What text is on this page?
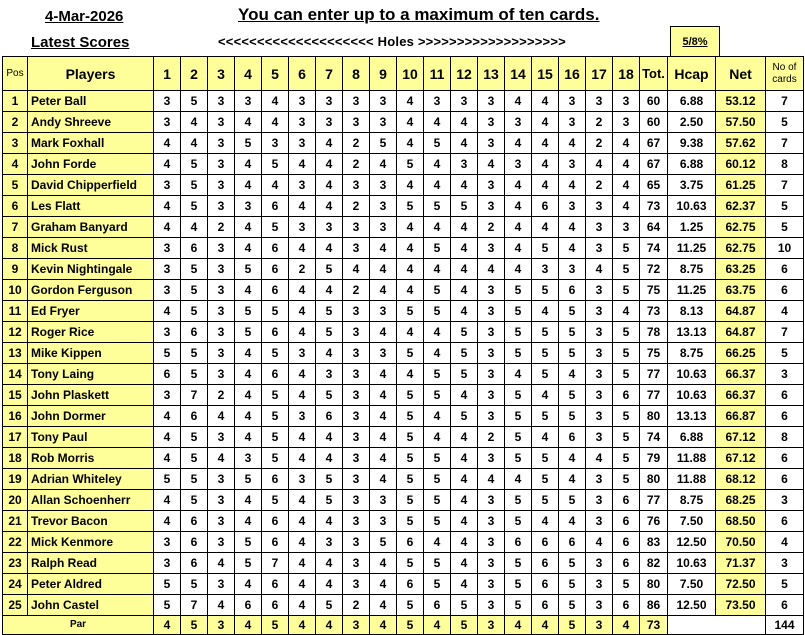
4-Mar-2026	You can enter up to a maximum of ten cards.
Latest Scores	<<<<<<<<<<<<<<<<<<<< Holes >>>>>>>>>>>>>>>>>>>	5/8%
Pos	Players	1	2	3	4	5	6	7	8	9	10	11	12	13	14	15	16	17	18	Tot.	Hcap	Net	No of cards
1	Peter Ball	3	5	3	3	4	3	3	3	3	4	3	3	3	4	4	3	3	3	60	6.88	53.12	7
2	Andy Shreeve	3	4	3	4	4	3	3	3	3	4	4	4	3	3	4	3	2	3	60	2.50	57.50	5
3	Mark Foxhall	4	4	3	5	3	3	4	2	5	4	5	4	3	4	4	4	2	4	67	9.38	57.62	7
4	John Forde	4	5	3	4	5	4	4	2	4	5	4	3	4	3	4	3	4	4	67	6.88	60.12	8
5	David Chipperfield	3	5	3	4	4	3	4	3	3	4	4	4	3	4	4	4	2	4	65	3.75	61.25	7
6	Les Flatt	4	5	3	3	6	4	4	2	3	5	5	5	3	4	6	3	3	4	73	10.63	62.37	5
7	Graham Banyard	4	4	2	4	5	3	3	3	3	4	4	4	2	4	4	4	3	3	64	1.25	62.75	5
8	Mick Rust	3	6	3	4	6	4	4	3	4	4	5	4	3	4	5	4	3	5	74	11.25	62.75	10
9	Kevin Nightingale	3	5	3	5	6	2	5	4	4	4	4	4	4	4	3	3	4	5	72	8.75	63.25	6
10	Gordon Ferguson	3	5	3	4	6	4	4	2	4	4	5	4	3	5	5	6	3	5	75	11.25	63.75	6
11	Ed Fryer	4	5	3	5	5	4	5	3	3	5	5	4	3	5	4	5	3	4	73	8.13	64.87	4
12	Roger Rice	3	6	3	5	6	4	5	3	4	4	4	5	3	5	5	5	3	5	78	13.13	64.87	7
13	Mike Kippen	5	5	3	4	5	3	4	3	3	5	4	5	3	5	5	5	3	5	75	8.75	66.25	5
14	Tony Laing	6	5	3	4	6	4	3	3	4	4	5	5	3	4	5	4	3	5	77	10.63	66.37	3
15	John Plaskett	3	7	2	4	5	4	5	3	4	5	5	4	3	5	4	5	3	6	77	10.63	66.37	6
16	John Dormer	4	6	4	4	5	3	6	3	4	5	4	5	3	5	5	5	3	5	80	13.13	66.87	6
17	Tony Paul	4	5	3	4	5	4	4	3	4	5	4	4	2	5	4	6	3	5	74	6.88	67.12	8
18	Rob Morris	4	5	4	3	5	4	4	3	4	5	5	4	3	5	5	4	4	5	79	11.88	67.12	6
19	Adrian Whiteley	5	5	3	5	6	3	5	3	4	5	5	4	4	4	5	4	3	5	80	11.88	68.12	6
20	Allan Schoenherr	4	5	3	4	5	4	5	3	3	5	5	4	3	5	5	5	3	6	77	8.75	68.25	3
21	Trevor Bacon	4	6	3	4	6	4	4	3	3	5	5	4	3	5	4	4	3	6	76	7.50	68.50	6
22	Mick Kenmore	3	6	3	5	6	4	3	3	5	6	4	4	3	6	6	6	4	6	83	12.50	70.50	4
23	Ralph Read	3	6	4	5	7	4	4	3	4	5	5	4	3	5	6	5	3	6	82	10.63	71.37	3
24	Peter Aldred	5	5	3	4	6	4	4	3	4	6	5	4	3	5	6	5	3	5	80	7.50	72.50	5
25	John Castel	5	7	4	6	6	4	5	2	4	5	6	5	3	5	6	5	3	6	86	12.50	73.50	6
Par		4	5	3	4	5	4	4	3	4	5	4	5	3	4	4	5	3	4	73			144
